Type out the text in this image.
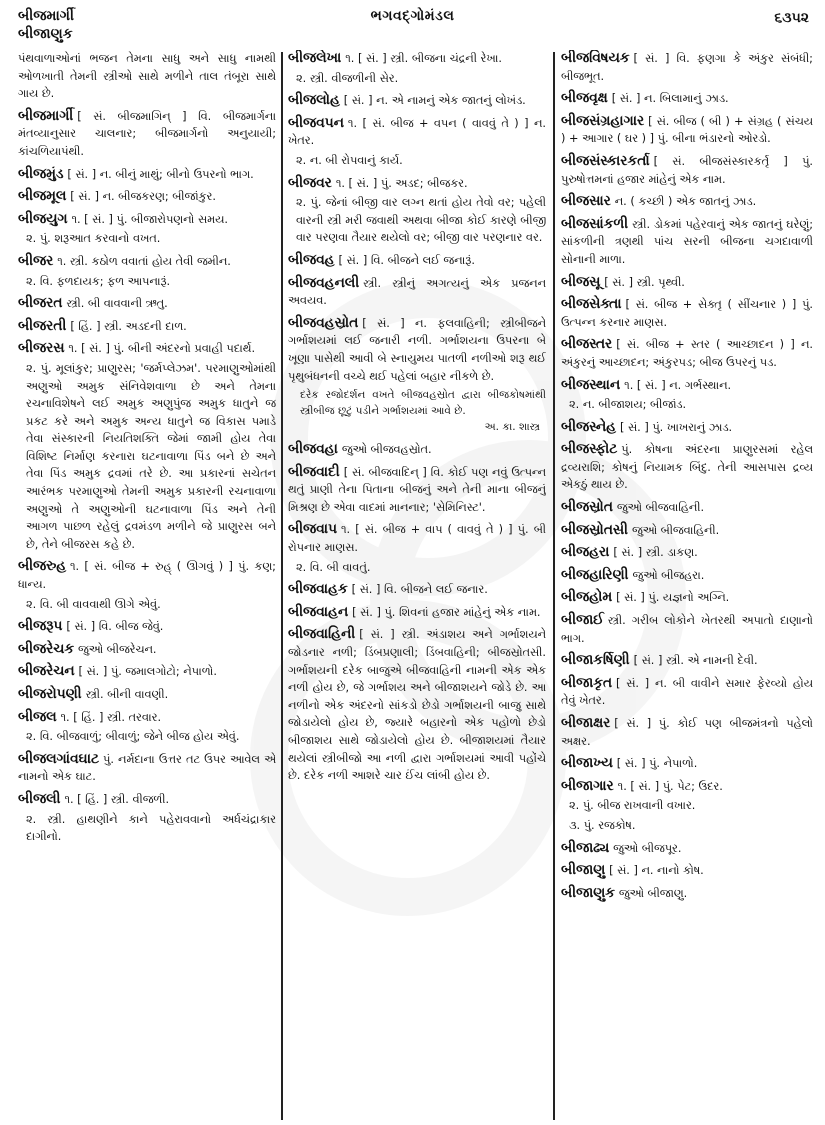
બીજમાર્ગી
બીજાણુક
ભગવદ્ગોમંડલ	૬૩૫૨
પંથવાળાઓનાં ભજન તેમના સાધુ અને સાધુ નામથી ઓળખાતી તેમની સ્ત્રીઓ સાથે મળીને તાલ તંબૂરા સાથે ગાય છે.
બીજમાર્ગી [ સં. બીજમાગિન્ ] વિ. બીજમાર્ગના મંતવ્યાનુસાર ચાલનાર; બીજમાર્ગનો અનુયાયી; કાંચળિયાપંથી.
બીજમુંડ [ સં. ] ન. બીનું માથું; બીનો ઉપરનો ભાગ.
બીજમૂલ [ સં. ] ન. બીજકરણ; બીજાંકુર.
બીજયુગ ૧. [ સં. ] પું. બીજારોપણનો સમય.
૨. પું. શરૂઆત કરવાનો વખત.
બીજર ૧. સ્ત્રી. કઠોળ વવાતાં હોય તેવી જમીન.
૨. વિ. ફળદાયક; ફળ આપનારૂં.
બીજરત સ્ત્રી. બી વાવવાની ઋતુ.
બીજરતી [ હિં. ] સ્ત્રી. અડદની દાળ.
બીજરસ ૧. [ સં. ] પું. બીની અંદરનો પ્રવાહી પદાર્થ.
૨. પું. મૂલાંકુર; પ્રાણુરસ; 'જર્મપ્લેઝમ'. પરમાણુઓમાંથી અણુઓ અમુક સંનિવેશવાળા છે અને તેમના રચનાવિશેષને લઈ અમુક અણુપુંજ અમુક ધાતુને જ પ્રકટ કરે અને અમુક અન્ય ધાતુને જ વિકાસ પમાડે તેવા સંસ્કારની નિયતિશક્તિ જેમાં જામી હોય તેવા વિશિષ્ટ નિર્માણ કરનારા ઘટનાવાળા પિંડ બને છે અને તેવા પિંડ અમુક દ્રવમાં તરે છે. આ પ્રકારનાં સચેતન આરંભક પરમાણુઓ તેમની અમુક પ્રકારની રચનાવાળા અણુઓ તે અણુઓની ઘટનાવાળા પિંડ અને તેની આગળ પાછળ રહેલું દ્રવમંડળ મળીને જે પ્રાણુરસ બને છે, તેને બીજરસ કહે છે.
બીજરુહ ૧. [ સં. બીજ + રુહ્ ( ઊગવું ) ] પું. કણ; ધાન્ય.
૨. વિ. બી વાવવાથી ઊગે એવું.
બીજરૂપ [ સં. ] વિ. બીજ જેવું.
બીજરેચક જુઓ બીજરેચન.
બીજરેચન [ સં. ] પું. જમાલગોટો; નેપાળો.
બીજરોપણી સ્ત્રી. બીની વાવણી.
બીજલ ૧. [ હિં. ] સ્ત્રી. તરવાર.
૨. વિ. બીજવાળું; બીવાળું; જેને બીજ હોય એવું.
બીજલગાંવઘાટ પું. નર્મદાના ઉત્તર તટ ઉપર આવેલ એ નામનો એક ઘાટ.
બીજલી ૧. [ હિં. ] સ્ત્રી. વીજળી.
૨. સ્ત્રી. હાથણીને કાને પહેરાવવાનો અર્ધચંદ્રાકાર દાગીનો.
બીજલેખા ૧. [ સં. ] સ્ત્રી. બીજના ચંદ્રની રેખા.
૨. સ્ત્રી. વીજળીની સેર.
બીજલોહ [ સં. ] ન. એ નામનું એક જાતનું લોખંડ.
બીજવપન ૧. [ સં. બીજ + વપન ( વાવવું તે ) ] ન. ખેતર.
૨. ન. બી રોપવાનું કાર્ય.
બીજવર ૧. [ સં. ] પું. અડદ; બીજકર.
૨. પું. જેનાં બીજી વાર લગ્ન થતાં હોય તેવો વર; પહેલી વારની સ્ત્રી મરી જવાથી અથવા બીજા કોઈ કારણે બીજી વાર પરણવા તૈયાર થયેલો વર; બીજી વાર પરણનાર વર.
બીજવહ [ સં. ] વિ. બીજને લઈ જનારૂં.
બીજવહનલી સ્ત્રી. સ્ત્રીનું અગત્યનું એક પ્રજનન અવયવ.
બીજવહસ્રોત [ સં. ] ન. ફલવાહિની; સ્ત્રીબીજને ગર્ભાશયમાં લઈ જનારી નળી. ગર્ભાશયના ઉપરના બે ખૂણા પાસેથી આવી બે સ્નાયુમય પાતળી નળીઓ શરૂ થઈ પૃથુબંધનની વચ્ચે થઈ પહેલાં બહાર નીકળે છે.
દરેક રજોદર્શન વખતે બીજવહસ્રોત દ્વારા બીજકોષમાંથી સ્ત્રીબીજ છૂટું પડીને ગર્ભાશયમાં આવે છે.
અ. કા. શાસ્ત્ર
બીજવહા જુઓ બીજવહસ્રોત.
બીજવાદી [ સં. બીજવાદિન્ ] વિ. કોઈ પણ નવું ઉત્પન્ન થતું પ્રાણી તેના પિતાના બીજનું અને તેની માના બીજનું મિશ્રણ છે એવા વાદમાં માનનાર; 'સેમિનિસ્ટ'.
બીજવાપ ૧. [ સં. બીજ + વાપ ( વાવવું તે ) ] પું. બી રોપનાર માણસ.
૨. વિ. બી વાવતું.
બીજવાહક [ સં. ] વિ. બીજને લઈ જનાર.
બીજવાહન [ સં. ] પું. શિવનાં હજાર માંહેનું એક નામ.
બીજવાહિની [ સં. ] સ્ત્રી. અંડાશય અને ગર્ભાશયને જોડનાર નળી; ડિંબપ્રણાલી; ડિંબવાહિની; બીજસ્રોતસી. ગર્ભાશયની દરેક બાજુએ બીજવાહિની નામની એક એક નળી હોય છે, જે ગર્ભાશય અને બીજાશયને જોડે છે. આ નળીનો એક અંદરનો સાંકડો છેડો ગર્ભાશયની બાજુ સાથે જોડાયેલો હોય છે, જ્યારે બહારનો એક પહોળો છેડો બીજાશય સાથે જોડાયેલો હોય છે. બીજાશયમાં તૈયાર થયેલાં સ્ત્રીબીજો આ નળી દ્વારા ગર્ભાશયમાં આવી પહોંચે છે. દરેક નળી આશરે ચાર ઈંચ લાંબી હોય છે.
બીજવિષયક [ સં. ] વિ. ફણગા કે અંકુર સંબંધી; બીજભૂત.
બીજવૃક્ષ [ સં. ] ન. બિલામાનું ઝાડ.
બીજસંગ્રહાગાર [ સં. બીજ ( બી ) + સંગ્રહ ( સંચય ) + આગાર ( ઘર ) ] પું. બીના ભંડારનો ઓરડો.
બીજસંસ્કારકર્તા [ સં. બીજસંસ્કારકર્તૃ ] પું. પુરુષોત્તમનાં હજાર માંહેનું એક નામ.
બીજસાર ન. ( કચ્છી ) એક જાતનું ઝાડ.
બીજસાંકળી સ્ત્રી. ડોકમાં પહેરવાનું એક જાતનું ઘરેણું; સાંકળીની ત્રણથી પાંચ સરની બીજના ચગદાવાળી સોનાની માળા.
બીજસૂ [ સં. ] સ્ત્રી. પૃથ્વી.
બીજસેક્તા [ સં. બીજ + સેક્તૃ ( સીંચનાર ) ] પું. ઉત્પન્ન કરનાર માણસ.
બીજસ્તર [ સં. બીજ + સ્તર ( આચ્છાદન ) ] ન. અંકુરનું આચ્છાદન; અંકુરપડ; બીજ ઉપરનું પડ.
બીજસ્થાન ૧. [ સં. ] ન. ગર્ભસ્થાન.
૨. ન. બીજાશય; બીજાંડ.
બીજસ્નેહ [ સં. ] પું. ખાખરાનું ઝાડ.
બીજસ્ફોટ પું. કોષના અંદરના પ્રાણુરસમાં રહેલ દ્રવ્યરાશિ; કોષનું નિયામક બિંદુ. તેની આસપાસ દ્રવ્ય એકઠું થાય છે.
બીજસ્રોત જુઓ બીજવાહિની.
બીજસ્રોતસી જુઓ બીજવાહિની.
બીજહરા [ સં. ] સ્ત્રી. ડાકણ.
બીજહારિણી જુઓ બીજહરા.
બીજહોમ [ સં. ] પું. યજ્ઞનો અગ્નિ.
બીજાઈ સ્ત્રી. ગરીબ લોકોને ખેતરથી અપાતો દાણાનો ભાગ.
બીજાકર્ષિણી [ સં. ] સ્ત્રી. એ નામની દેવી.
બીજાકૃત [ સં. ] ન. બી વાવીને સમાર ફેરવ્યો હોય તેવું ખેતર.
બીજાક્ષર [ સં. ] પું. કોઈ પણ બીજમંત્રનો પહેલો અક્ષર.
બીજાખ્ય [ સં. ] પું. નેપાળો.
બીજાગાર ૧. [ સં. ] પું. પેટ; ઉદર.
૨. પું. બીજ રાખવાની વખાર.
૩. પું. રજકોષ.
બીજાઢ્ય જુઓ બીજપૂર.
બીજાણુ [ સં. ] ન. નાનો કોષ.
બીજાણુક જુઓ બીજાણુ.
